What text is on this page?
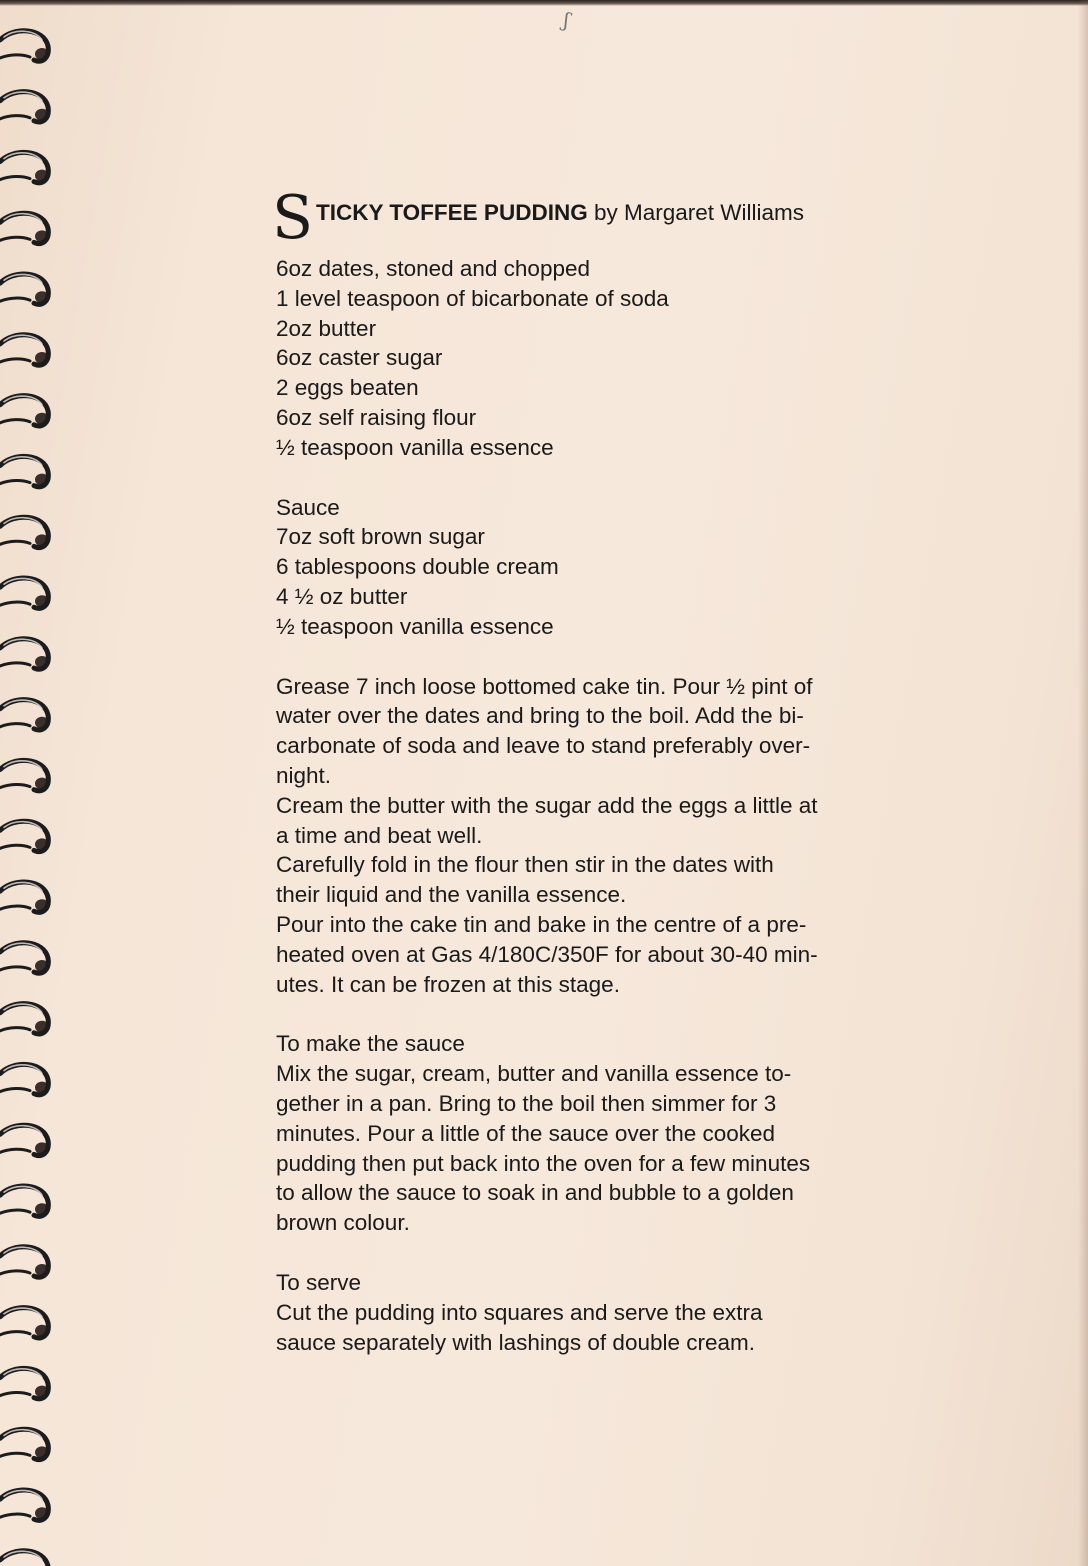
ʃ
S TICKY TOFFEE PUDDING by Margaret Williams
6oz dates, stoned and chopped
1 level teaspoon of bicarbonate of soda
2oz butter
6oz caster sugar
2 eggs beaten
6oz self raising flour
½ teaspoon vanilla essence
Sauce
7oz soft brown sugar
6 tablespoons double cream
4 ½ oz butter
½ teaspoon vanilla essence
Grease 7 inch loose bottomed cake tin. Pour ½ pint of
water over the dates and bring to the boil. Add the bi-
carbonate of soda and leave to stand preferably over-
night.
Cream the butter with the sugar add the eggs a little at
a time and beat well.
Carefully fold in the flour then stir in the dates with
their liquid and the vanilla essence.
Pour into the cake tin and bake in the centre of a pre-
heated oven at Gas 4/180C/350F for about 30-40 min-
utes. It can be frozen at this stage.
To make the sauce
Mix the sugar, cream, butter and vanilla essence to-
gether in a pan. Bring to the boil then simmer for 3
minutes. Pour a little of the sauce over the cooked
pudding then put back into the oven for a few minutes
to allow the sauce to soak in and bubble to a golden
brown colour.
To serve
Cut the pudding into squares and serve the extra
sauce separately with lashings of double cream.
